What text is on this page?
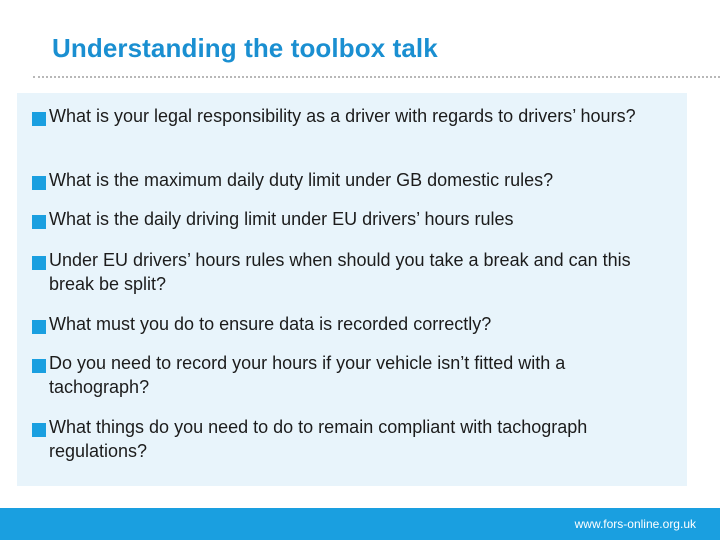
Understanding the toolbox talk
What is your legal responsibility as a driver with regards to drivers’ hours?
What is the maximum daily duty limit under GB domestic rules?
What is the daily driving limit under EU drivers’ hours rules
Under EU drivers’ hours rules when should you take a break and can this break be split?
What must you do to ensure data is recorded correctly?
Do you need to record your hours if your vehicle isn’t fitted with a tachograph?
What things do you need to do to remain compliant with tachograph regulations?
www.fors-online.org.uk
